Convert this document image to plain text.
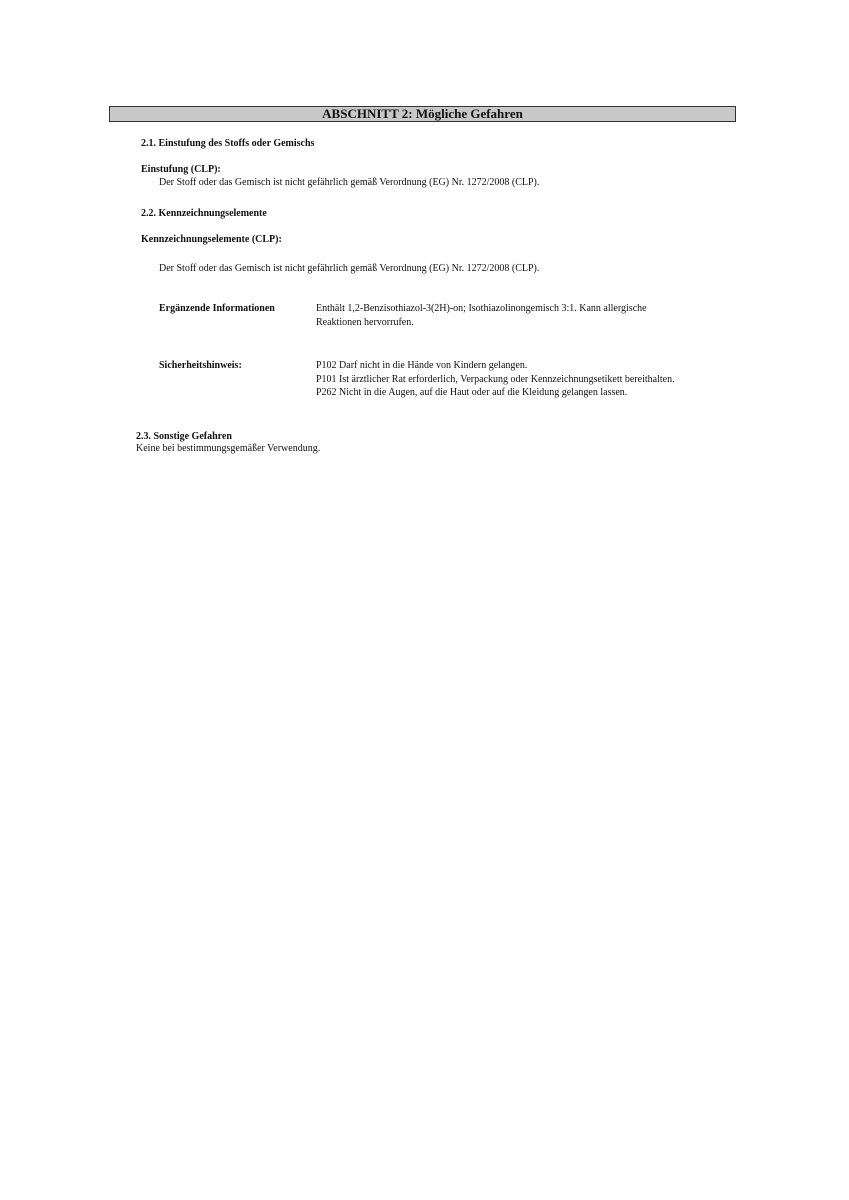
ABSCHNITT 2: Mögliche Gefahren
2.1. Einstufung des Stoffs oder Gemischs
Einstufung (CLP):
Der Stoff oder das Gemisch ist nicht gefährlich gemäß Verordnung (EG) Nr. 1272/2008 (CLP).
2.2. Kennzeichnungselemente
Kennzeichnungselemente (CLP):
Der Stoff oder das Gemisch ist nicht gefährlich gemäß Verordnung (EG) Nr. 1272/2008 (CLP).
Ergänzende Informationen	Enthält 1,2-Benzisothiazol-3(2H)-on; Isothiazolinongemisch 3:1. Kann allergische
Reaktionen hervorrufen.
Sicherheitshinweis:	P102 Darf nicht in die Hände von Kindern gelangen.
P101 Ist ärztlicher Rat erforderlich, Verpackung oder Kennzeichnungsetikett bereithalten.
P262 Nicht in die Augen, auf die Haut oder auf die Kleidung gelangen lassen.
2.3. Sonstige Gefahren
Keine bei bestimmungsgemäßer Verwendung.
